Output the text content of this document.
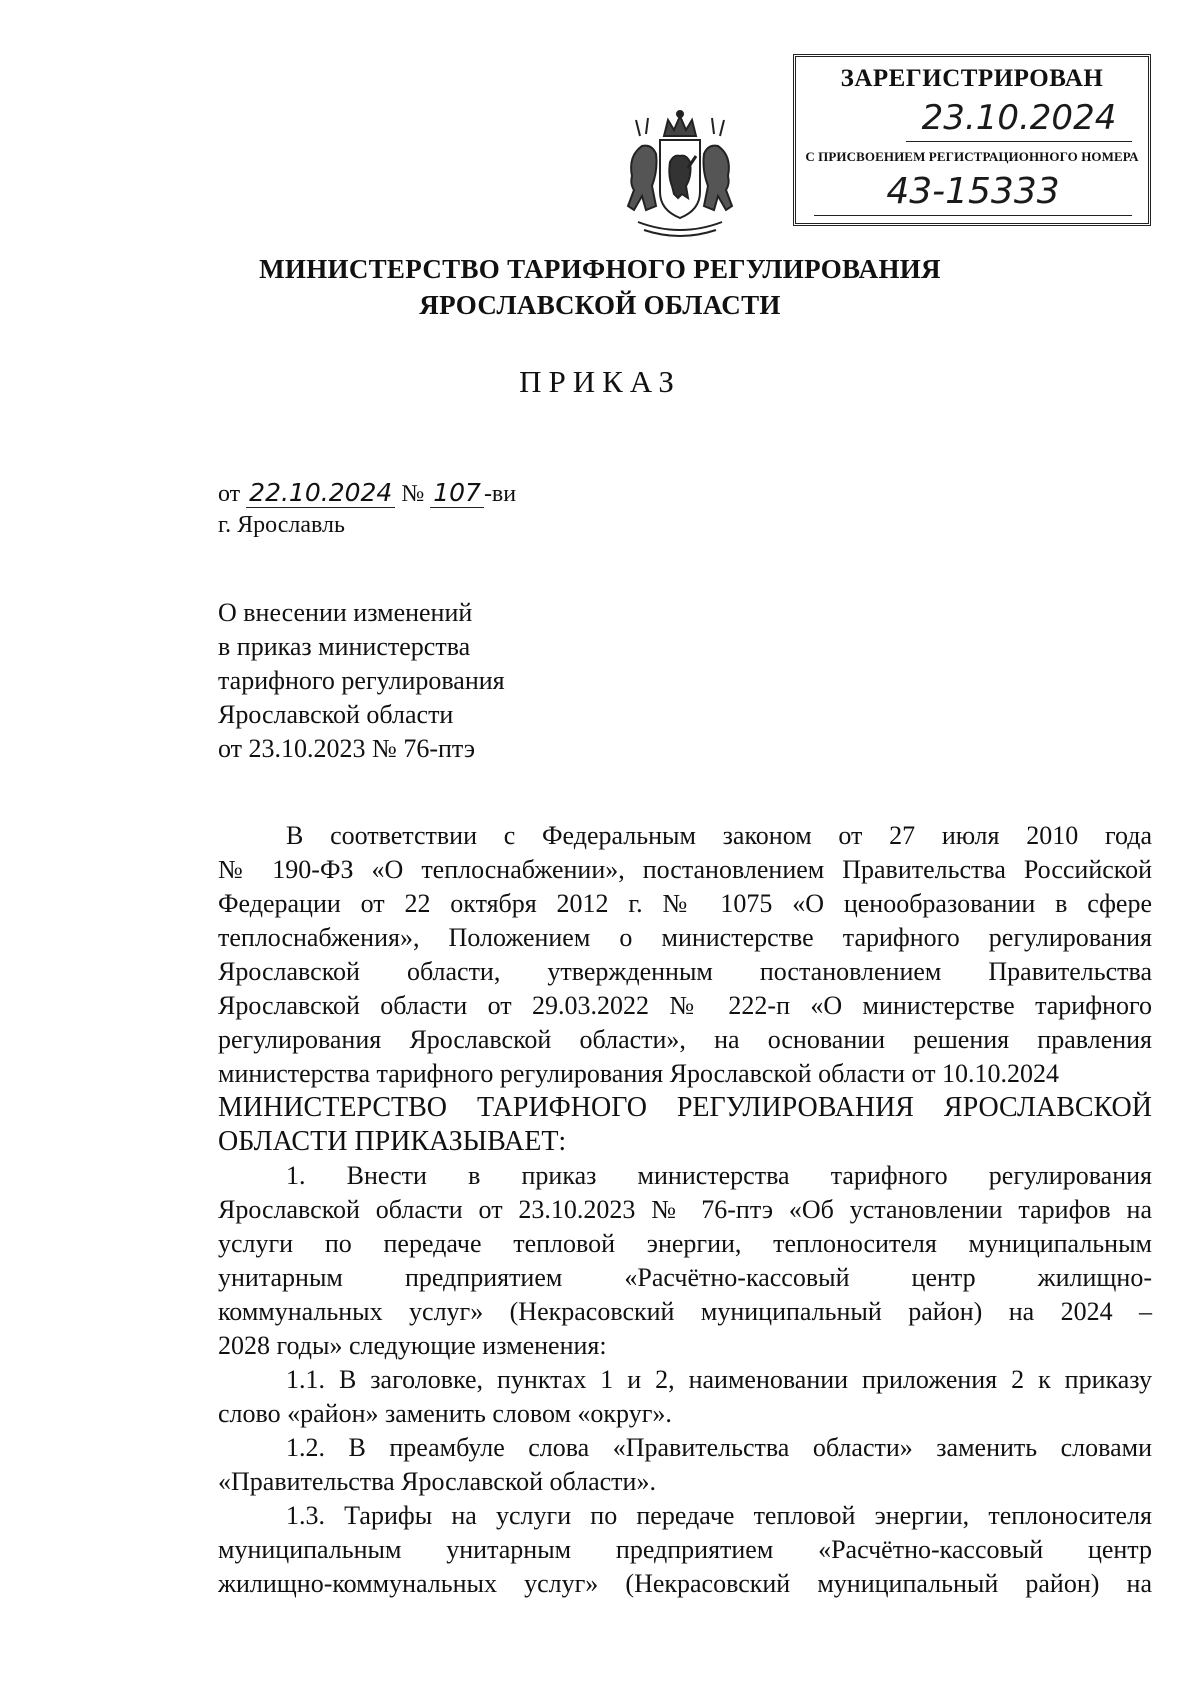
ЗАРЕГИСТРИРОВАН
23.10.2024
С ПРИСВОЕНИЕМ РЕГИСТРАЦИОННОГО НОМЕРА
43-15333
МИНИСТЕРСТВО ТАРИФНОГО РЕГУЛИРОВАНИЯ
ЯРОСЛАВСКОЙ ОБЛАСТИ
ПРИКАЗ
от 22.10.2024 № 107 -ви
г. Ярославль
О внесении изменений
в приказ министерства
тарифного регулирования
Ярославской области
от 23.10.2023 № 76-птэ
В соответствии с Федеральным законом от 27 июля 2010 года
№ 190-ФЗ «О теплоснабжении», постановлением Правительства Российской
Федерации от 22 октября 2012 г. № 1075 «О ценообразовании в сфере
теплоснабжения», Положением о министерстве тарифного регулирования
Ярославской области, утвержденным постановлением Правительства
Ярославской области от 29.03.2022 № 222-п «О министерстве тарифного
регулирования Ярославской области», на основании решения правления
министерства тарифного регулирования Ярославской области от 10.10.2024
МИНИСТЕРСТВО ТАРИФНОГО РЕГУЛИРОВАНИЯ ЯРОСЛАВСКОЙ
ОБЛАСТИ ПРИКАЗЫВАЕТ:
1. Внести в приказ министерства тарифного регулирования
Ярославской области от 23.10.2023 № 76-птэ «Об установлении тарифов на
услуги по передаче тепловой энергии, теплоносителя муниципальным
унитарным предприятием «Расчётно-кассовый центр жилищно-
коммунальных услуг» (Некрасовский муниципальный район) на 2024 –
2028 годы» следующие изменения:
1.1. В заголовке, пунктах 1 и 2, наименовании приложения 2 к приказу
слово «район» заменить словом «округ».
1.2. В преамбуле слова «Правительства области» заменить словами
«Правительства Ярославской области».
1.3. Тарифы на услуги по передаче тепловой энергии, теплоносителя
муниципальным унитарным предприятием «Расчётно-кассовый центр
жилищно-коммунальных услуг» (Некрасовский муниципальный район) на
